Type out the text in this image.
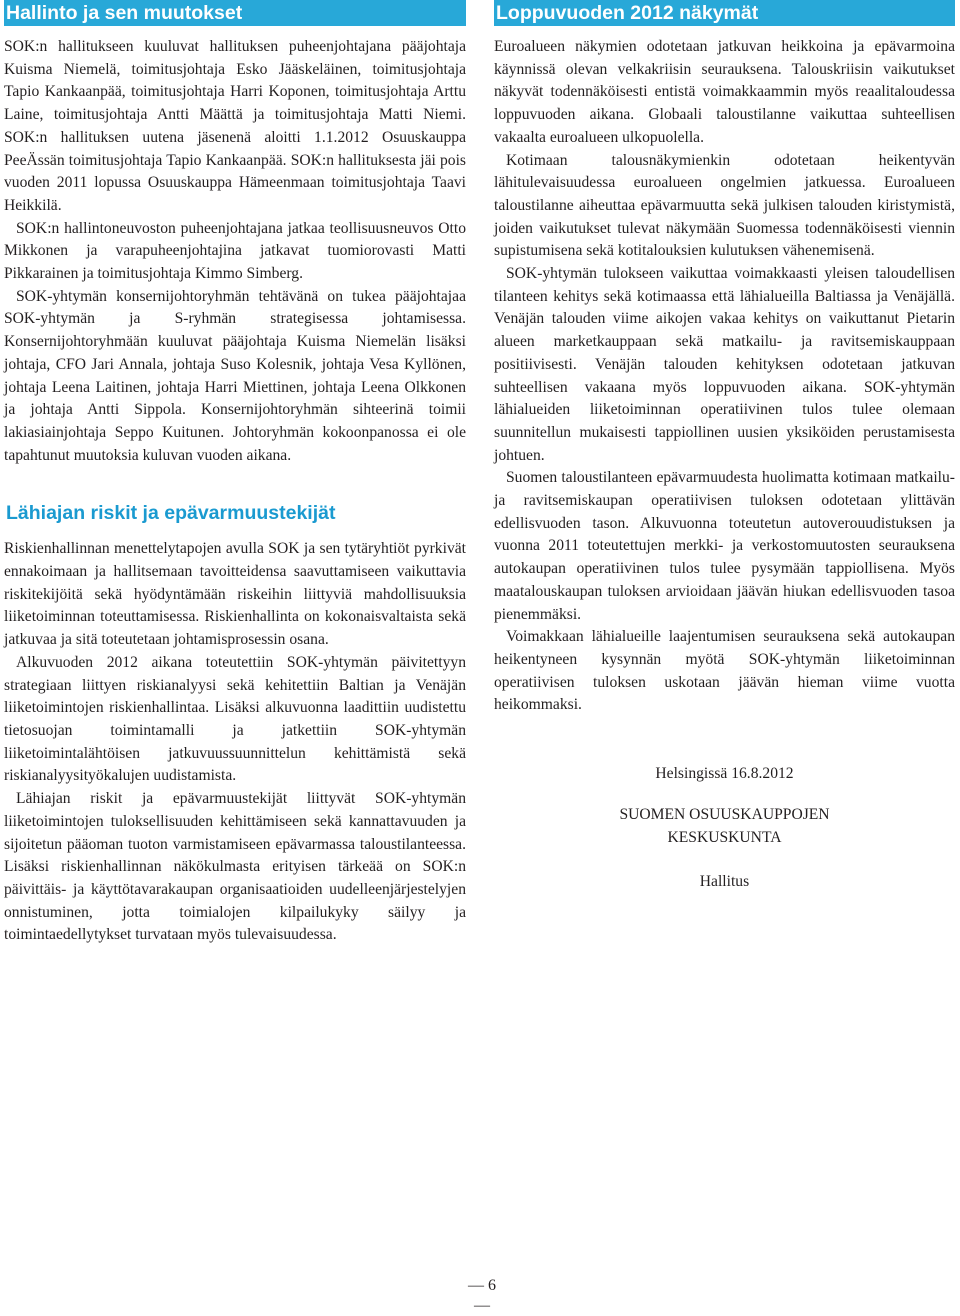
Hallinto ja sen muutokset

SOK:n hallitukseen kuuluvat hallituksen puheenjohtajana pääjohtaja Kuisma Niemelä, toimitusjohtaja Esko Jääskeläinen, toimitusjohtaja Tapio Kankaanpää, toimitusjohtaja Harri Koponen, toimitusjohtaja Arttu Laine, toimitusjohtaja Antti Määttä ja toimitusjohtaja Matti Niemi. SOK:n hallituksen uutena jäsenenä aloitti 1.1.2012 Osuuskauppa PeeÄssän toimitusjohtaja Tapio Kankaanpää. SOK:n hallituksesta jäi pois vuoden 2011 lopussa Osuuskauppa Hämeenmaan toimitusjohtaja Taavi Heikkilä.

SOK:n hallintoneuvoston puheenjohtajana jatkaa teollisuusneuvos Otto Mikkonen ja varapuheenjohtajina jatkavat tuomiorovasti Matti Pikkarainen ja toimitusjohtaja Kimmo Simberg.

SOK-yhtymän konsernijohtoryhmän tehtävänä on tukea pääjohtajaa SOK-yhtymän ja S-ryhmän strategisessa johtamisessa. Konsernijohtoryhmään kuuluvat pääjohtaja Kuisma Niemelän lisäksi johtaja, CFO Jari Annala, johtaja Suso Kolesnik, johtaja Vesa Kyllönen, johtaja Leena Laitinen, johtaja Harri Miettinen, johtaja Leena Olkkonen ja johtaja Antti Sippola. Konsernijohtoryhmän sihteerinä toimii lakiasiainjohtaja Seppo Kuitunen. Johtoryhmän kokoonpanossa ei ole tapahtunut muutoksia kuluvan vuoden aikana.

Lähiajan riskit ja epävarmuustekijät

Riskienhallinnan menettelytapojen avulla SOK ja sen tytäryhtiöt pyrkivät ennakoimaan ja hallitsemaan tavoitteidensa saavuttamiseen vaikuttavia riskitekijöitä sekä hyödyntämään riskeihin liittyviä mahdollisuuksia liiketoiminnan toteuttamisessa. Riskienhallinta on kokonaisvaltaista sekä jatkuvaa ja sitä toteutetaan johtamisprosessin osana.

Alkuvuoden 2012 aikana toteutettiin SOK-yhtymän päivitettyyn strategiaan liittyen riskianalyysi sekä kehitettiin Baltian ja Venäjän liiketoimintojen riskienhallintaa. Lisäksi alkuvuonna laadittiin uudistettu tietosuojan toimintamalli ja jatkettiin SOK-yhtymän liiketoimintalähtöisen jatkuvuussuunnittelun kehittämistä sekä riskianalyysityökalujen uudistamista.

Lähiajan riskit ja epävarmuustekijät liittyvät SOK-yhtymän liiketoimintojen tuloksellisuuden kehittämiseen sekä kannattavuuden ja sijoitetun pääoman tuoton varmistamiseen epävarmassa taloustilanteessa. Lisäksi riskienhallinnan näkökulmasta erityisen tärkeää on SOK:n päivittäis- ja käyttötavarakaupan organisaatioiden uudelleenjärjestelyjen onnistuminen, jotta toimialojen kilpailukyky säilyy ja toimintaedellytykset turvataan myös tulevaisuudessa.

Loppuvuoden 2012 näkymät

Euroalueen näkymien odotetaan jatkuvan heikkoina ja epävarmoina käynnissä olevan velkakriisin seurauksena. Talouskriisin vaikutukset näkyvät todennäköisesti entistä voimakkaammin myös reaalitaloudessa loppuvuoden aikana. Globaali taloustilanne vaikuttaa suhteellisen vakaalta euroalueen ulkopuolella.

Kotimaan talousnäkymienkin odotetaan heikentyvän lähitulevaisuudessa euroalueen ongelmien jatkuessa. Euroalueen taloustilanne aiheuttaa epävarmuutta sekä julkisen talouden kiristymistä, joiden vaikutukset tulevat näkymään Suomessa todennäköisesti viennin supistumisena sekä kotitalouksien kulutuksen vähenemisenä.

SOK-yhtymän tulokseen vaikuttaa voimakkaasti yleisen taloudellisen tilanteen kehitys sekä kotimaassa että lähialueilla Baltiassa ja Venäjällä. Venäjän talouden viime aikojen vakaa kehitys on vaikuttanut Pietarin alueen marketkauppaan sekä matkailu- ja ravitsemiskauppaan positiivisesti. Venäjän talouden kehityksen odotetaan jatkuvan suhteellisen vakaana myös loppuvuoden aikana. SOK-yhtymän lähialueiden liiketoiminnan operatiivinen tulos tulee olemaan suunnitellun mukaisesti tappiollinen uusien yksiköiden perustamisesta johtuen.

Suomen taloustilanteen epävarmuudesta huolimatta kotimaan matkailu- ja ravitsemiskaupan operatiivisen tuloksen odotetaan ylittävän edellisvuoden tason. Alkuvuonna toteutetun autoverouudistuksen ja vuonna 2011 toteutettujen merkki- ja verkostomuutosten seurauksena autokaupan operatiivinen tulos tulee pysymään tappiollisena. Myös maatalouskaupan tuloksen arvioidaan jäävän hiukan edellisvuoden tasoa pienemmäksi.

Voimakkaan lähialueille laajentumisen seurauksena sekä autokaupan heikentyneen kysynnän myötä SOK-yhtymän liiketoiminnan operatiivisen tuloksen uskotaan jäävän hieman viime vuotta heikommaksi.

Helsingissä 16.8.2012

SUOMEN OSUUSKAUPPOJEN

KESKUSKUNTA

Hallitus

— 6 —
